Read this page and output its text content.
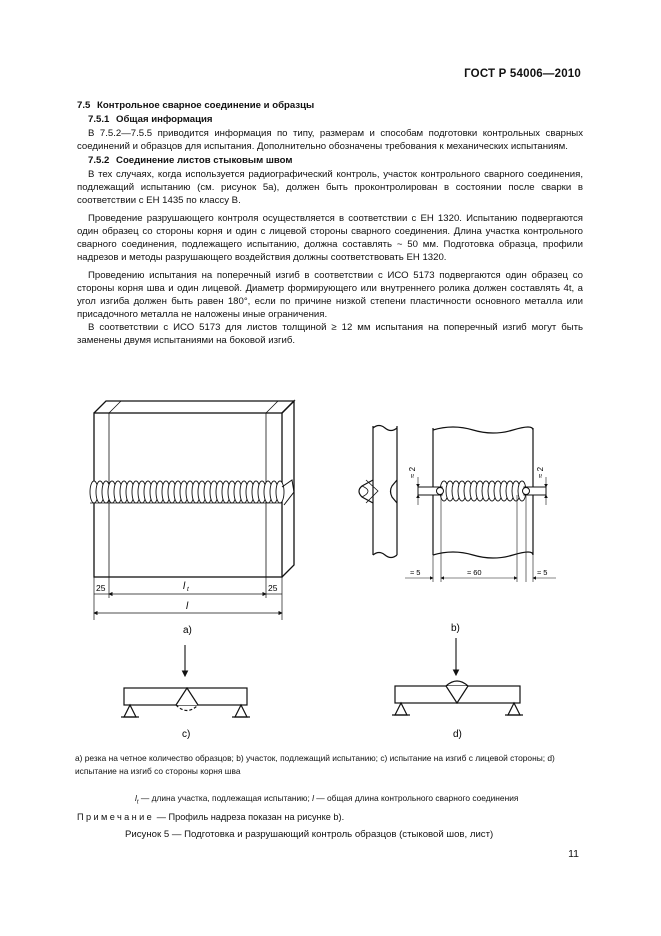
ГОСТ Р 54006—2010

7.5 Контрольное сварное соединение и образцы

7.5.1 Общая информация

В 7.5.2—7.5.5 приводится информация по типу, размерам и способам подготовки контрольных сварных соединений и образцов для испытания. Дополнительно обозначены требования к механических испытаниям.

7.5.2 Соединение листов стыковым швом

В тех случаях, когда используется радиографический контроль, участок контрольного сварного соединения, подлежащий испытанию (см. рисунок 5а), должен быть проконтролирован в состоянии после сварки в соответствии с ЕН 1435 по классу В.

Проведение разрушающего контроля осуществляется в соответствии с ЕН 1320. Испытанию подвергаются один образец со стороны корня и один с лицевой стороны сварного соединения. Длина участка контрольного сварного соединения, подлежащего испытанию, должна составлять ~ 50 мм. Подготовка образца, профили надрезов и методы разрушающего воздействия должны соответствовать ЕН 1320.

Проведению испытания на поперечный изгиб в соответствии с ИСО 5173 подвергаются один образец со стороны корня шва и один лицевой. Диаметр формирующего или внутреннего ролика должен составлять 4t, а угол изгиба должен быть равен 180°, если по причине низкой степени пластичности основного металла или присадочного металла не наложены иные ограничения.

В соответствии с ИСО 5173 для листов толщиной ≥ 12 мм испытания на поперечный изгиб могут быть заменены двумя испытаниями на боковой изгиб.

25	25
l t
l
a)
≈ 2	≈ 2
≈ 5	≈ 60	≈ 5
b)
c)	d)
a) резка на четное количество образцов; b) участок, подлежащий испытанию; c) испытание на изгиб с лицевой стороны; d) испытание на изгиб со стороны корня шва
$l_t$ — длина участка, подлежащая испытанию; l — общая длина контрольного сварного соединения
Примечание — Профиль надреза показан на рисунке b).
Рисунок 5 — Подготовка и разрушающий контроль образцов (стыковой шов, лист)
11
